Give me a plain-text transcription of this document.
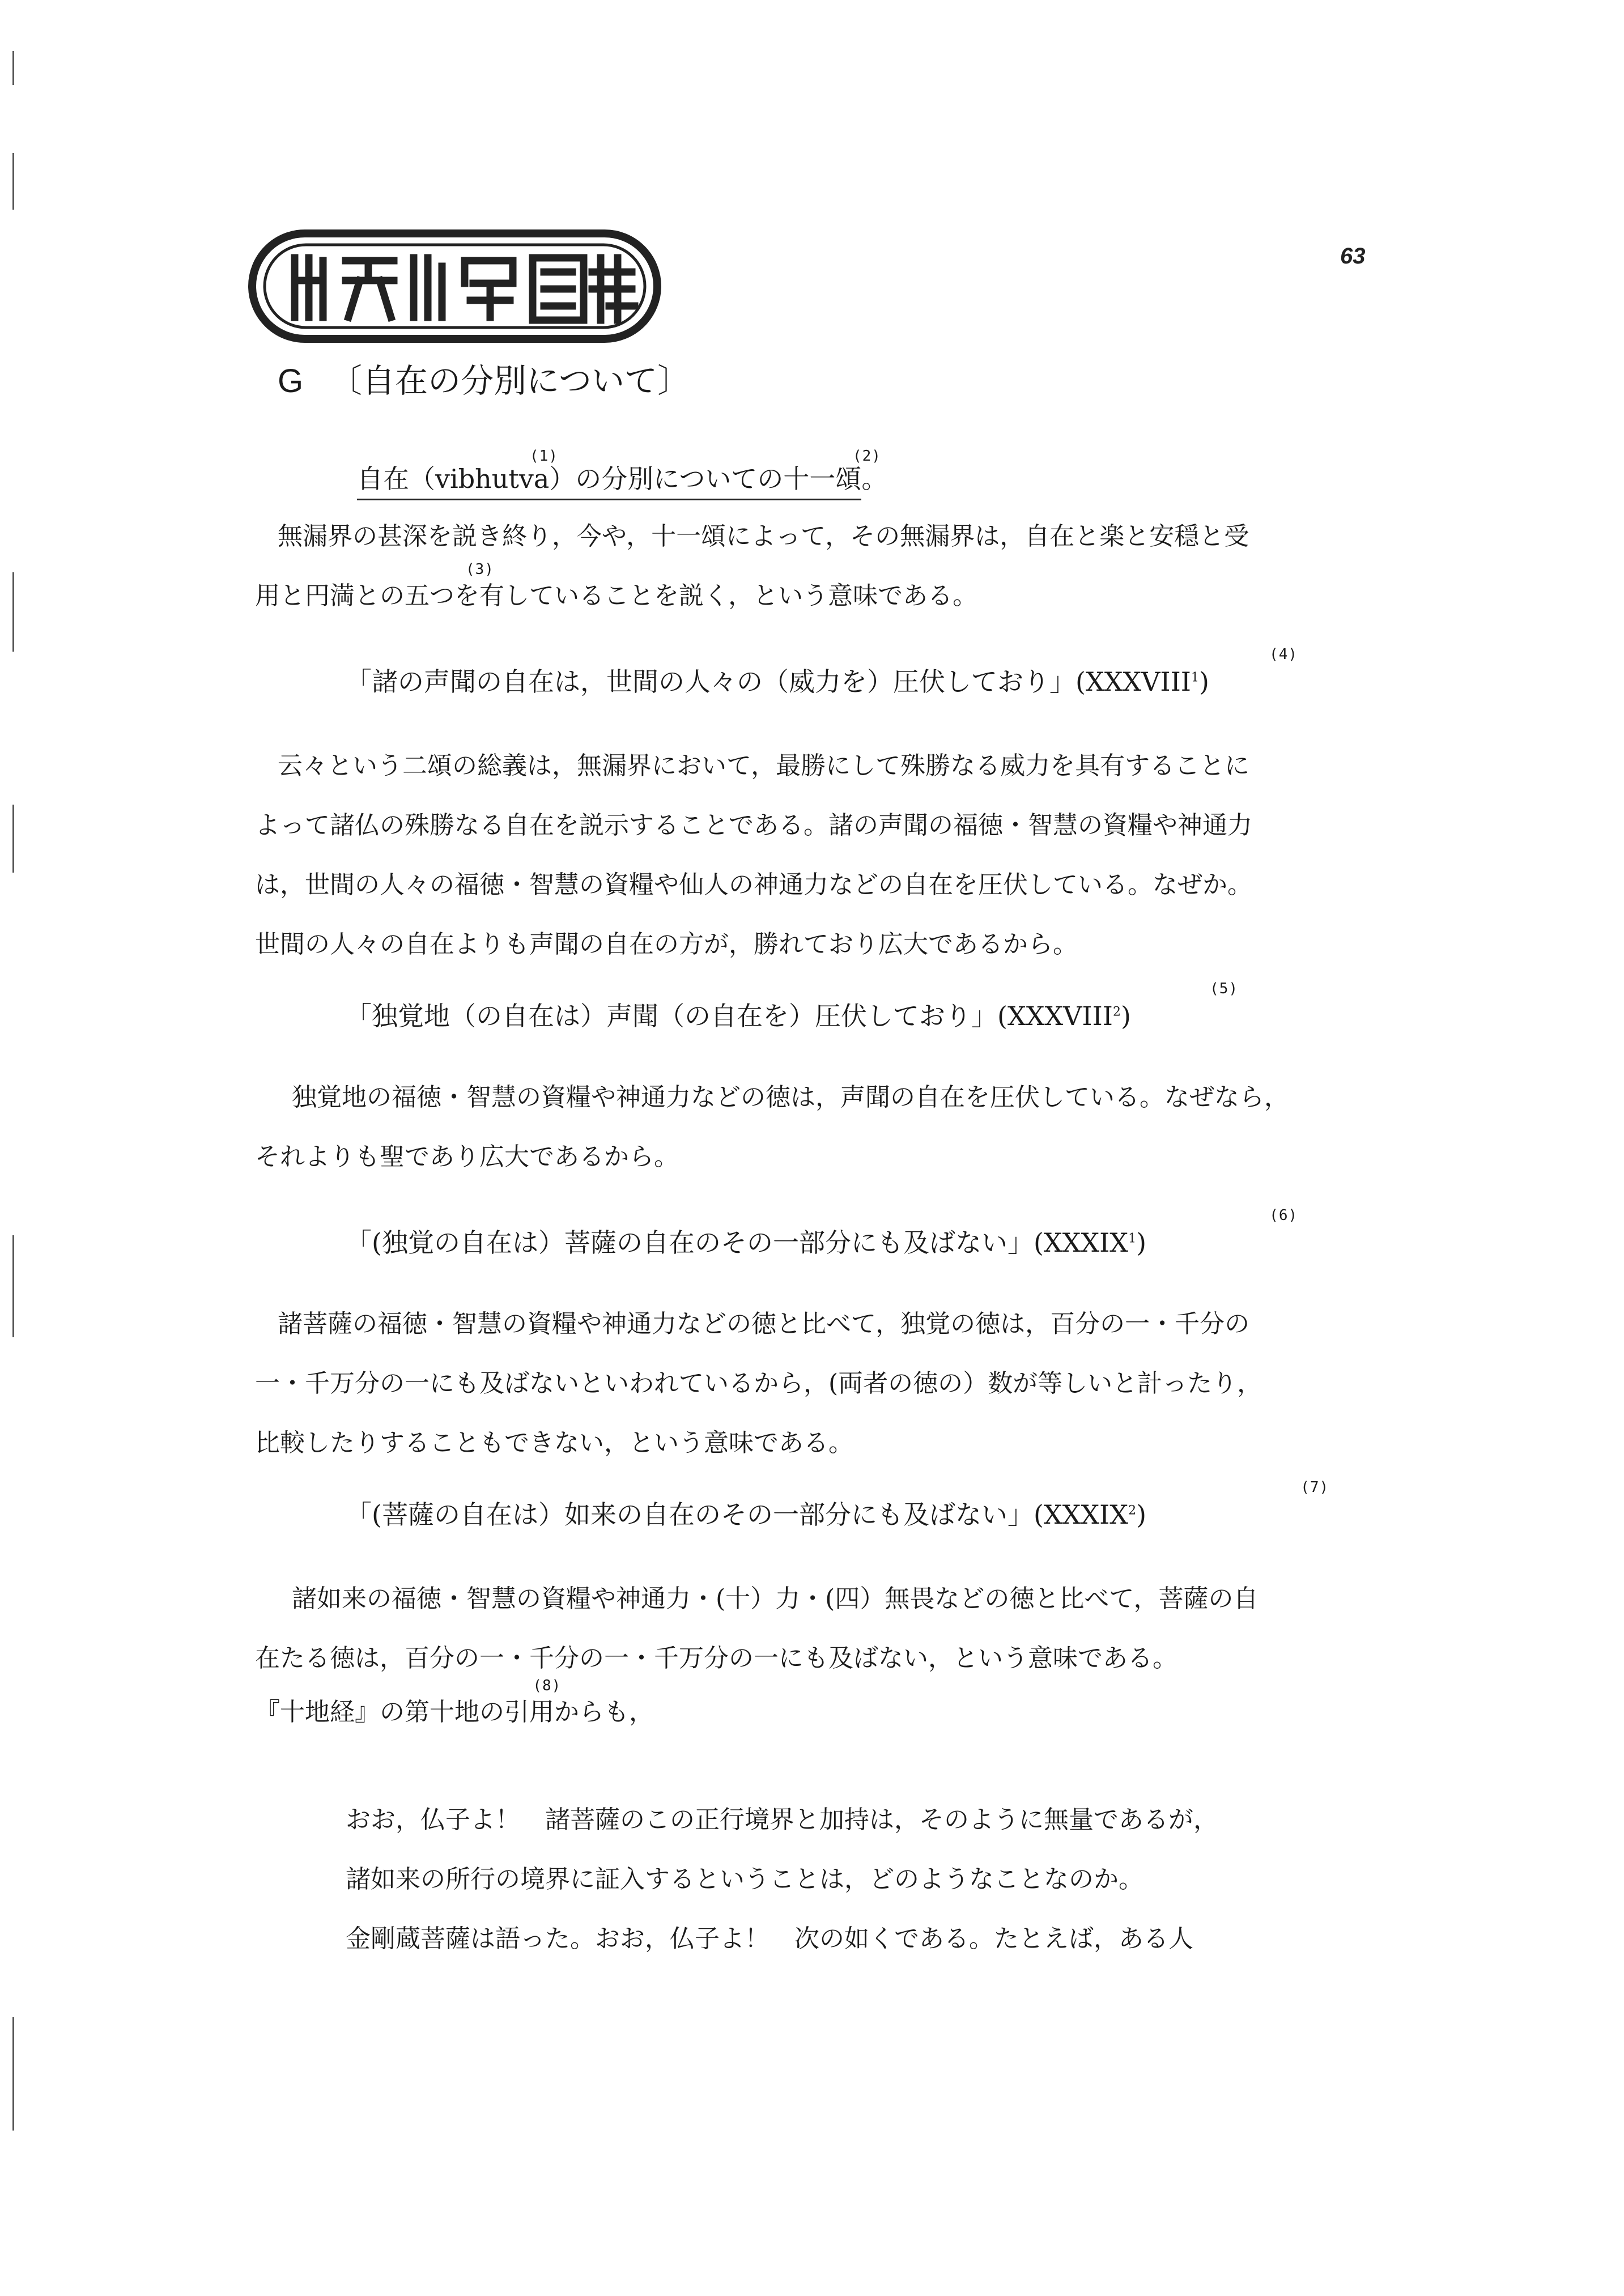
63
G 〔自在の分別について〕
自在（vibhutva）の分別についての十一頌。
(1)	(2)
無漏界の甚深を説き終り，今や，十一頌によって，その無漏界は，自在と楽と安穏と受
用と円満との五つを有していることを説く，という意味である。
(3)
「諸の声聞の自在は，世間の人々の（威力を）圧伏しており」(XXXVIII$^1$)
(4)
云々という二頌の総義は，無漏界において，最勝にして殊勝なる威力を具有することに
よって諸仏の殊勝なる自在を説示することである。諸の声聞の福徳・智慧の資糧や神通力
は，世間の人々の福徳・智慧の資糧や仙人の神通力などの自在を圧伏している。なぜか。
世間の人々の自在よりも声聞の自在の方が，勝れており広大であるから。
「独覚地（の自在は）声聞（の自在を）圧伏しており」(XXXVIII$^2$)
(5)
独覚地の福徳・智慧の資糧や神通力などの徳は，声聞の自在を圧伏している。なぜなら，
それよりも聖であり広大であるから。
「(独覚の自在は）菩薩の自在のその一部分にも及ばない」(XXXIX$^1$)
(6)
諸菩薩の福徳・智慧の資糧や神通力などの徳と比べて，独覚の徳は，百分の一・千分の
一・千万分の一にも及ばないといわれているから，(両者の徳の）数が等しいと計ったり，
比較したりすることもできない，という意味である。
「(菩薩の自在は）如来の自在のその一部分にも及ばない」(XXXIX$^2$)
(7)
諸如来の福徳・智慧の資糧や神通力・(十）力・(四）無畏などの徳と比べて，菩薩の自
在たる徳は，百分の一・千分の一・千万分の一にも及ばない，という意味である。
『十地経』の第十地の引用からも，
(8)
おお，仏子よ！　諸菩薩のこの正行境界と加持は，そのように無量であるが，
諸如来の所行の境界に証入するということは，どのようなことなのか。
金剛蔵菩薩は語った。おお，仏子よ！　次の如くである。たとえば，ある人
